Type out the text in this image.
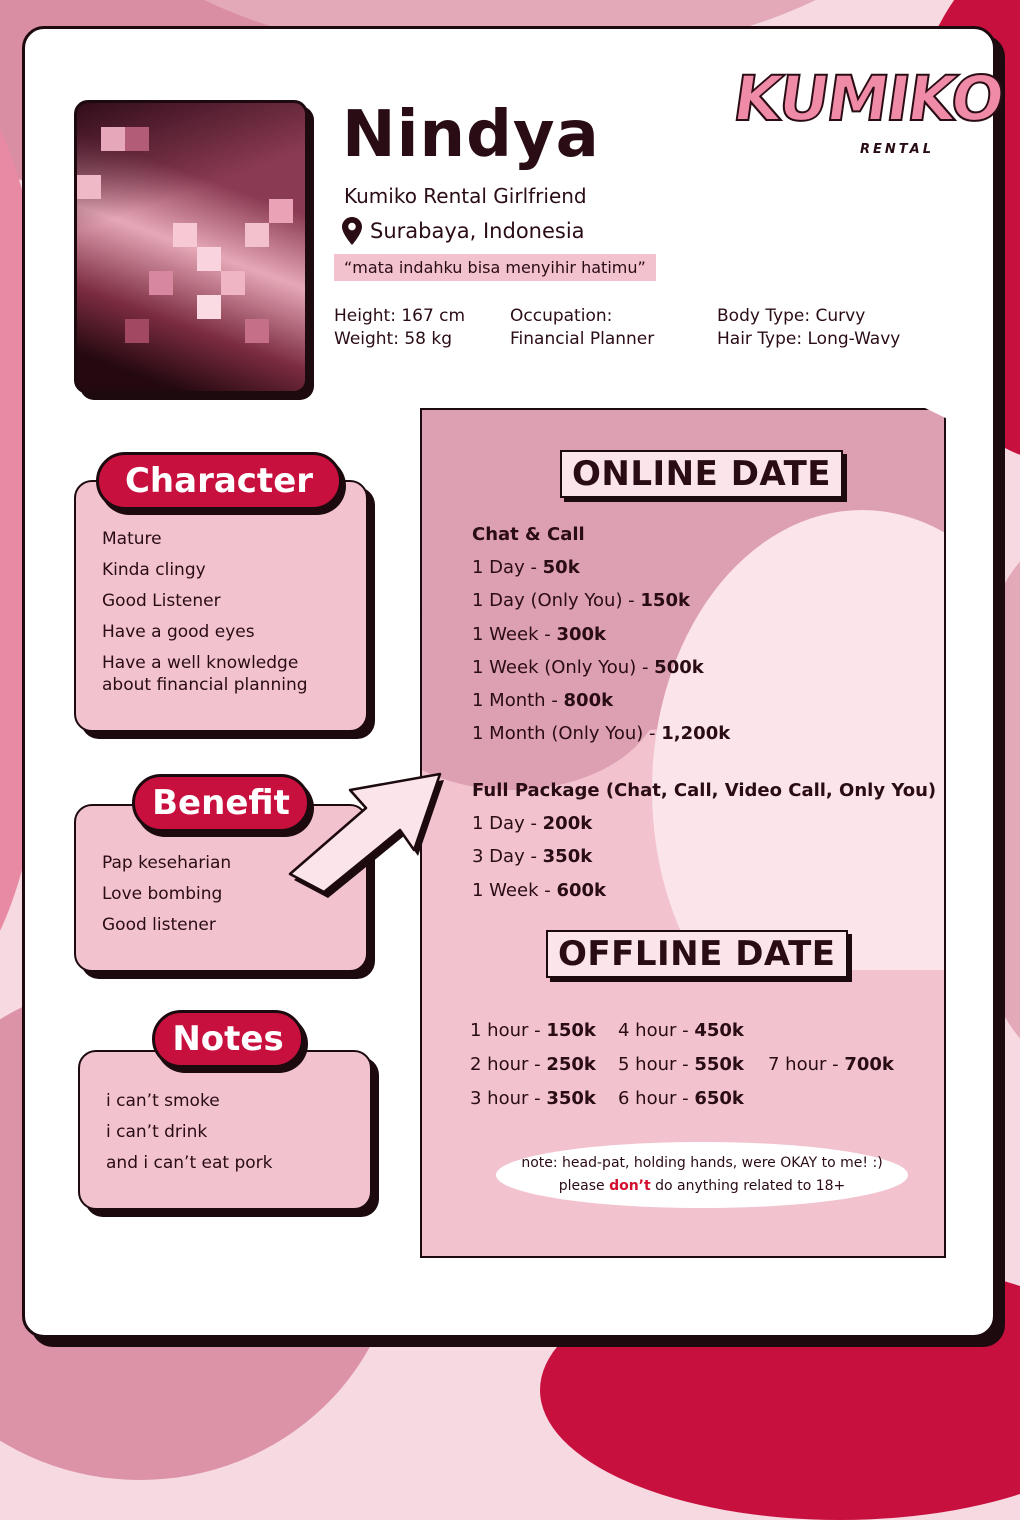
Nindya
Kumiko Rental Girlfriend
Surabaya, Indonesia
“mata indahku bisa menyihir hatimu”
Height: 167 cm
Weight: 58 kg
Occupation:
Financial Planner
Body Type: Curvy
Hair Type: Long-Wavy
KUMIKO
RENTAL
Mature
Kinda clingy
Good Listener
Have a good eyes
Have a well knowledge
about financial planning
Character
Pap keseharian
Love bombing
Good listener
Benefit
i can’t smoke
i can’t drink
and i can’t eat pork
Notes
ONLINE DATE
Chat & Call
1 Day - 50k
1 Day (Only You) - 150k
1 Week - 300k
1 Week (Only You) - 500k
1 Month - 800k
1 Month (Only You) - 1,200k
Full Package (Chat, Call, Video Call, Only You)
1 Day - 200k
3 Day - 350k
1 Week - 600k
OFFLINE DATE
1 hour - 150k
2 hour - 250k
3 hour - 350k
4 hour - 450k
5 hour - 550k
6 hour - 650k
7 hour - 700k
note: head-pat, holding hands, were OKAY to me! :)
please don’t do anything related to 18+
